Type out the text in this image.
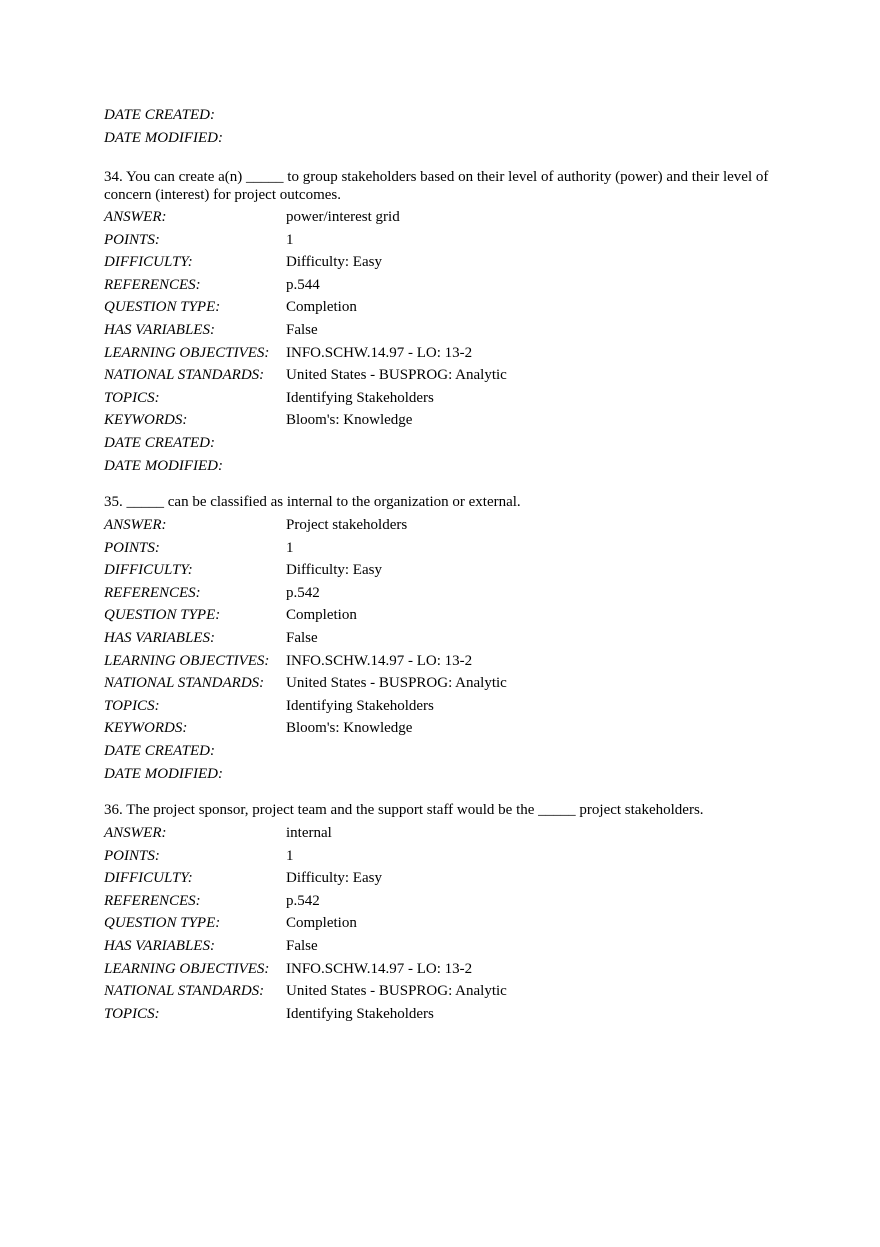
DATE CREATED:
DATE MODIFIED:
34. You can create a(n) _____ to group stakeholders based on their level of authority (power) and their level of concern (interest) for project outcomes.
ANSWER:	power/interest grid
POINTS:	1
DIFFICULTY:	Difficulty: Easy
REFERENCES:	p.544
QUESTION TYPE:	Completion
HAS VARIABLES:	False
LEARNING OBJECTIVES: INFO.SCHW.14.97 - LO: 13-2
NATIONAL STANDARDS: United States - BUSPROG: Analytic
TOPICS:	Identifying Stakeholders
KEYWORDS:	Bloom's: Knowledge
DATE CREATED:
DATE MODIFIED:
35. _____ can be classified as internal to the organization or external.
ANSWER:	Project stakeholders
POINTS:	1
DIFFICULTY:	Difficulty: Easy
REFERENCES:	p.542
QUESTION TYPE:	Completion
HAS VARIABLES:	False
LEARNING OBJECTIVES: INFO.SCHW.14.97 - LO: 13-2
NATIONAL STANDARDS: United States - BUSPROG: Analytic
TOPICS:	Identifying Stakeholders
KEYWORDS:	Bloom's: Knowledge
DATE CREATED:
DATE MODIFIED:
36. The project sponsor, project team and the support staff would be the _____ project stakeholders.
ANSWER:	internal
POINTS:	1
DIFFICULTY:	Difficulty: Easy
REFERENCES:	p.542
QUESTION TYPE:	Completion
HAS VARIABLES:	False
LEARNING OBJECTIVES: INFO.SCHW.14.97 - LO: 13-2
NATIONAL STANDARDS: United States - BUSPROG: Analytic
TOPICS:	Identifying Stakeholders
